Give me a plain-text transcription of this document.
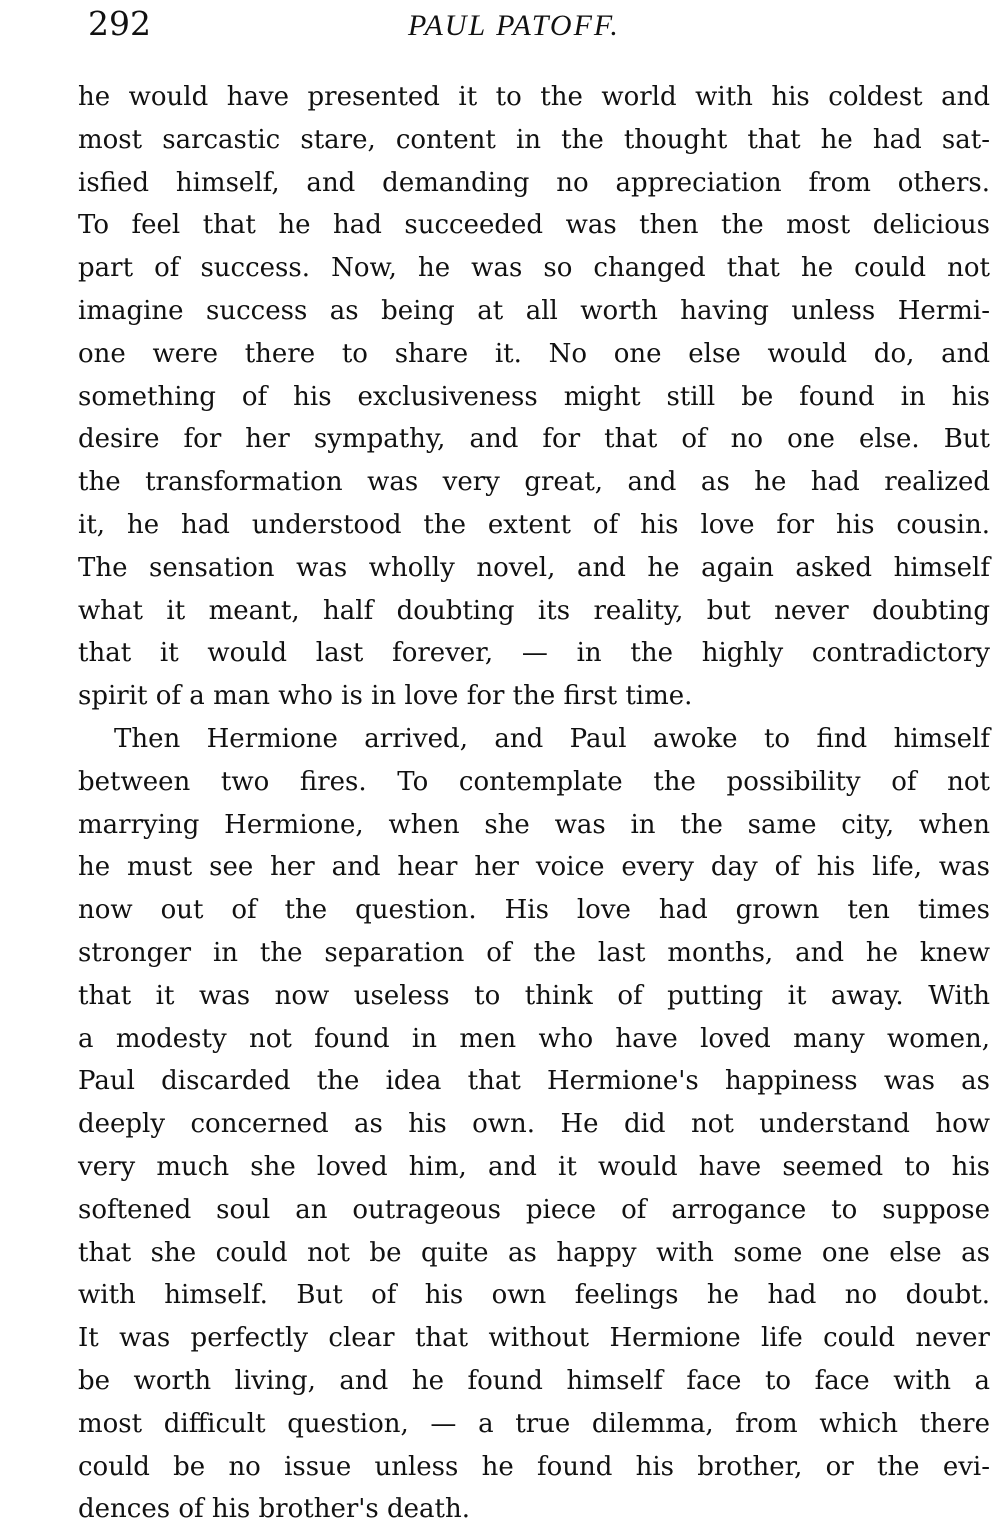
292	PAUL PATOFF.

he would have presented it to the world with his coldest and
most sarcastic stare, content in the thought that he had sat-
isfied himself, and demanding no appreciation from others.
To feel that he had succeeded was then the most delicious
part of success. Now, he was so changed that he could not
imagine success as being at all worth having unless Hermi-
one were there to share it. No one else would do, and
something of his exclusiveness might still be found in his
desire for her sympathy, and for that of no one else. But
the transformation was very great, and as he had realized
it, he had understood the extent of his love for his cousin.
The sensation was wholly novel, and he again asked himself
what it meant, half doubting its reality, but never doubting
that it would last forever, — in the highly contradictory
spirit of a man who is in love for the first time.

Then Hermione arrived, and Paul awoke to find himself
between two fires. To contemplate the possibility of not
marrying Hermione, when she was in the same city, when
he must see her and hear her voice every day of his life, was
now out of the question. His love had grown ten times
stronger in the separation of the last months, and he knew
that it was now useless to think of putting it away. With
a modesty not found in men who have loved many women,
Paul discarded the idea that Hermione's happiness was as
deeply concerned as his own. He did not understand how
very much she loved him, and it would have seemed to his
softened soul an outrageous piece of arrogance to suppose
that she could not be quite as happy with some one else as
with himself. But of his own feelings he had no doubt.
It was perfectly clear that without Hermione life could never
be worth living, and he found himself face to face with a
most difficult question, — a true dilemma, from which there
could be no issue unless he found his brother, or the evi-
dences of his brother's death.
